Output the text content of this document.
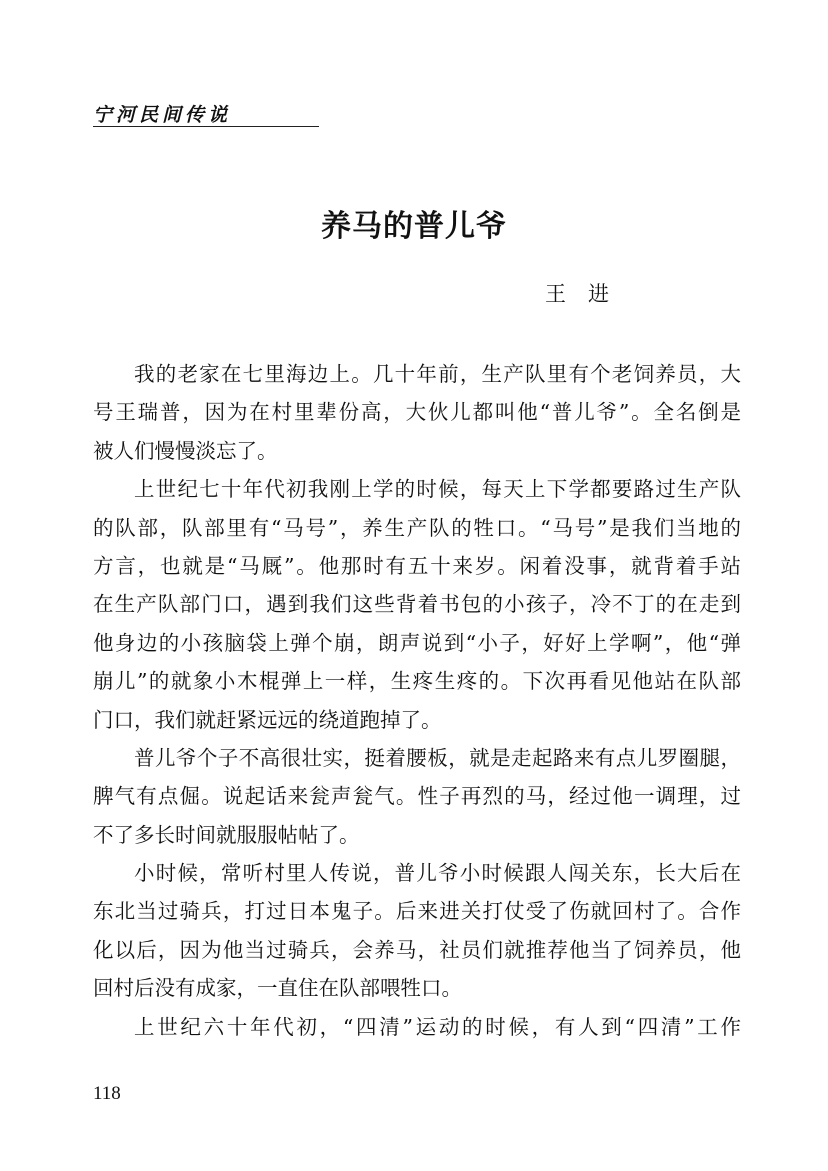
宁河民间传说
养马的普儿爷
王进
我的老家在七里海边上。几十年前，生产队里有个老饲养员，大
号王瑞普，因为在村里辈份高，大伙儿都叫他“普儿爷”。全名倒是
被人们慢慢淡忘了。
上世纪七十年代初我刚上学的时候，每天上下学都要路过生产队
的队部，队部里有“马号”，养生产队的牲口。“马号”是我们当地的
方言，也就是“马厩”。他那时有五十来岁。闲着没事，就背着手站
在生产队部门口，遇到我们这些背着书包的小孩子，冷不丁的在走到
他身边的小孩脑袋上弹个崩，朗声说到“小子，好好上学啊”，他“弹
崩儿”的就象小木棍弹上一样，生疼生疼的。下次再看见他站在队部
门口，我们就赶紧远远的绕道跑掉了。
普儿爷个子不高很壮实，挺着腰板，就是走起路来有点儿罗圈腿，
脾气有点倔。说起话来瓮声瓮气。性子再烈的马，经过他一调理，过
不了多长时间就服服帖帖了。
小时候，常听村里人传说，普儿爷小时候跟人闯关东，长大后在
东北当过骑兵，打过日本鬼子。后来进关打仗受了伤就回村了。合作
化以后，因为他当过骑兵，会养马，社员们就推荐他当了饲养员，他
回村后没有成家，一直住在队部喂牲口。
上世纪六十年代初，“四清”运动的时候，有人到“四清”工作
118
